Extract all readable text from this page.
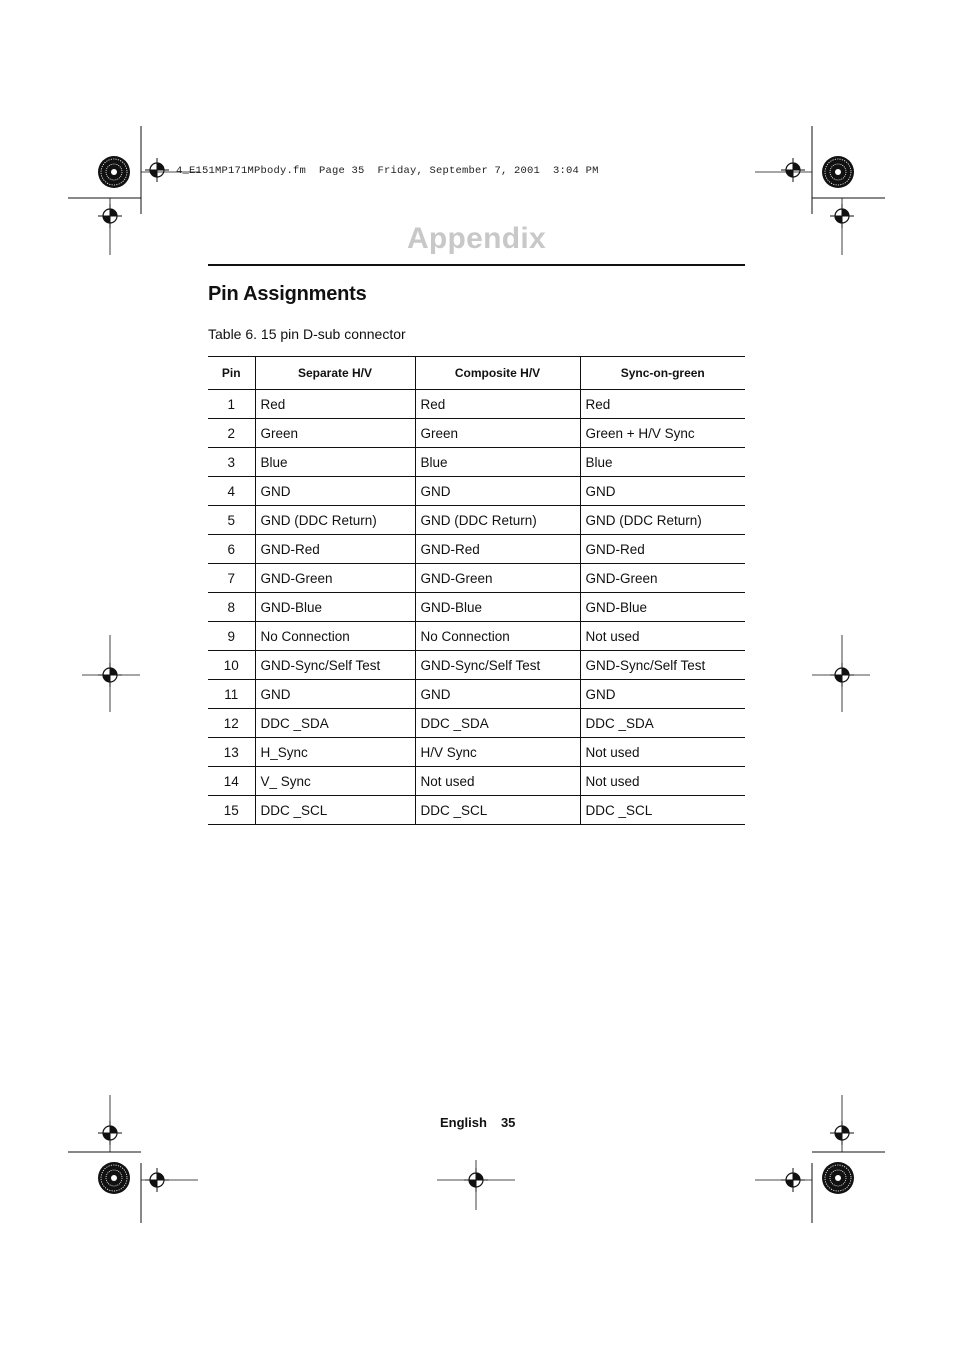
4_E151MP171MPbody.fm  Page 35  Friday, September 7, 2001  3:04 PM
Appendix
Pin Assignments
Table 6. 15 pin D-sub connector
Pin	Separate H/V	Composite H/V	Sync-on-green
1	Red	Red	Red
2	Green	Green	Green + H/V Sync
3	Blue	Blue	Blue
4	GND	GND	GND
5	GND (DDC Return)	GND (DDC Return)	GND (DDC Return)
6	GND-Red	GND-Red	GND-Red
7	GND-Green	GND-Green	GND-Green
8	GND-Blue	GND-Blue	GND-Blue
9	No Connection	No Connection	Not used
10	GND-Sync/Self Test	GND-Sync/Self Test	GND-Sync/Self Test
11	GND	GND	GND
12	DDC _SDA	DDC _SDA	DDC _SDA
13	H_Sync	H/V Sync	Not used
14	V_ Sync	Not used	Not used
15	DDC _SCL	DDC _SCL	DDC _SCL
English 35
